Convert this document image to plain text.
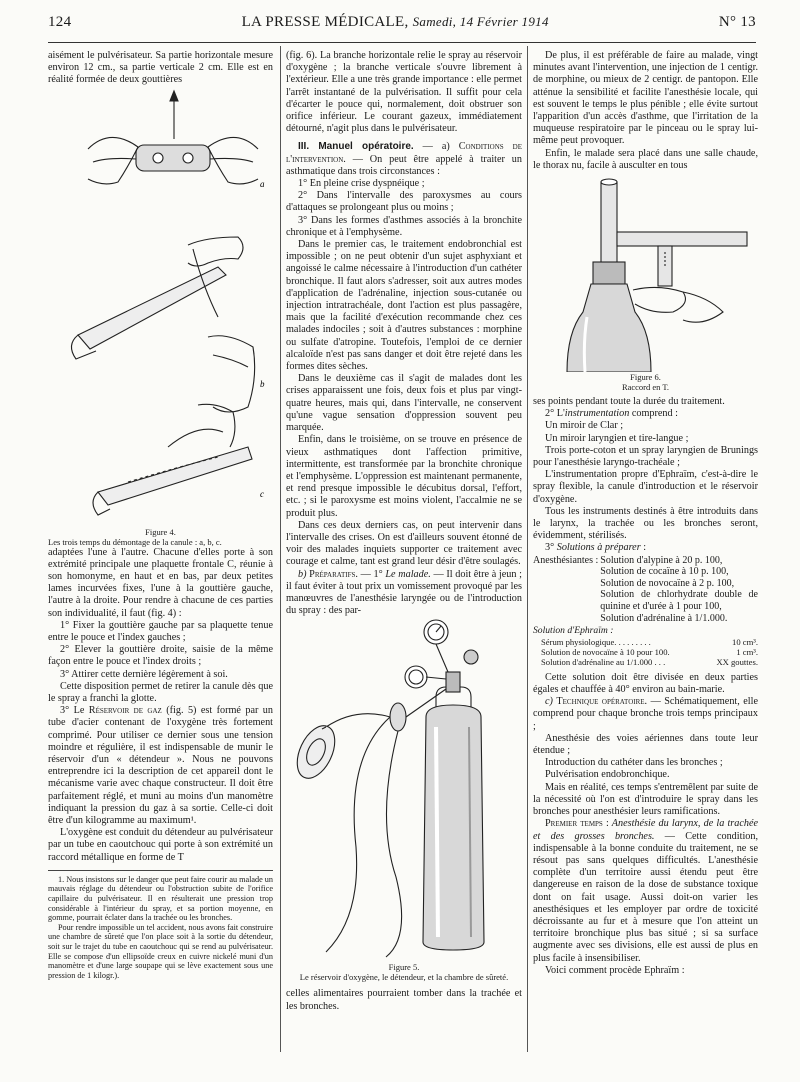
124	LA PRESSE MÉDICALE, Samedi, 14 Février 1914	N° 13

aisément le pulvérisateur. Sa partie horizontale mesure environ 12 cm., sa partie verticale 2 cm. Elle est en réalité formée de deux gouttières

a
b
c
Figure 4.
Les trois temps du démontage de la canule : a, b, c.

adaptées l'une à l'autre. Chacune d'elles porte à son extrémité principale une plaquette frontale C, réunie à son homonyme, en haut et en bas, par deux petites lames incurvées fixes, l'une à la gouttière gauche, l'autre à la droite. Pour rendre à chacune de ces parties son individualité, il faut (fig. 4) :

1° Fixer la gouttière gauche par sa plaquette tenue entre le pouce et l'index gauches ;

2° Elever la gouttière droite, saisie de la même façon entre le pouce et l'index droits ;

3° Attirer cette dernière légèrement à soi.

Cette disposition permet de retirer la canule dès que le spray a franchi la glotte.

3° Le Réservoir de gaz (fig. 5) est formé par un tube d'acier contenant de l'oxygène très fortement comprimé. Pour utiliser ce dernier sous une tension moindre et régulière, il est indispensable de munir le réservoir d'un « détendeur ». Nous ne pouvons entreprendre ici la description de cet appareil dont le mécanisme varie avec chaque constructeur. Il doit être parfaitement réglé, et muni au moins d'un manomètre indiquant la pression du gaz à sa sortie. Celle-ci doit être d'un kilogramme au maximum¹.

L'oxygène est conduit du détendeur au pulvérisateur par un tube en caoutchouc qui porte à son extrémité un raccord métallique en forme de T

1. Nous insistons sur le danger que peut faire courir au malade un mauvais réglage du détendeur ou l'obstruction subite de l'orifice capillaire du pulvérisateur. Il en résulterait une pression trop considérable à l'intérieur du spray, et sa portion moyenne, en gomme, pourrait éclater dans la trachée ou les bronches.

Pour rendre impossible un tel accident, nous avons fait construire une chambre de sûreté que l'on place soit à la sortie du détendeur, soit sur le trajet du tube en caoutchouc qui se rend au pulvérisateur. Elle se compose d'un ellipsoïde creux en cuivre nickelé muni d'un manomètre et d'une large soupape qui se lève exactement sous une pression de 1 kilogr.).

(fig. 6). La branche horizontale relie le spray au réservoir d'oxygène ; la branche verticale s'ouvre librement à l'extérieur. Elle a une très grande importance : elle permet l'arrêt instantané de la pulvérisation. Il suffit pour cela d'écarter le pouce qui, normalement, doit obstruer son orifice inférieur. Le courant gazeux, immédiatement détourné, n'agit plus dans le pulvérisateur.

III. Manuel opératoire. — a) Conditions de l'intervention. — On peut être appelé à traiter un asthmatique dans trois circonstances :

1° En pleine crise dyspnéique ;

2° Dans l'intervalle des paroxysmes au cours d'attaques se prolongeant plus ou moins ;

3° Dans les formes d'asthmes associés à la bronchite chronique et à l'emphysème.

Dans le premier cas, le traitement endobronchial est impossible ; on ne peut obtenir d'un sujet asphyxiant et angoissé le calme nécessaire à l'introduction d'un cathéter bronchique. Il faut alors s'adresser, soit aux autres modes d'application de l'adrénaline, injection sous-cutanée ou injection intratrachéale, dont l'action est plus passagère, mais que la facilité d'exécution recommande chez ces malades indociles ; soit à d'autres substances : morphine ou sulfate d'atropine. Toutefois, l'emploi de ce dernier alcaloïde n'est pas sans danger et doit être rejeté dans les formes dites sèches.

Dans le deuxième cas il s'agit de malades dont les crises apparaissent une fois, deux fois et plus par vingt-quatre heures, mais qui, dans l'intervalle, ne conservent qu'une vague sensation d'oppression souvent peu marquée.

Enfin, dans le troisième, on se trouve en présence de vieux asthmatiques dont l'affection primitive, intermittente, est transformée par la bronchite chronique et l'emphysème. L'oppression est maintenant permanente, et rend presque impossible le décubitus dorsal, l'effort, etc. ; si le paroxysme est moins violent, l'accalmie ne se produit plus.

Dans ces deux derniers cas, on peut intervenir dans l'intervalle des crises. On est d'ailleurs souvent étonné de voir des malades inquiets supporter ce traitement avec courage et calme, tant est grand leur désir d'être soulagés.

b) Préparatifs. — 1° Le malade. — Il doit être à jeun ; il faut éviter à tout prix un vomissement provoqué par les manœuvres de l'anesthésie laryngée ou de l'introduction du spray : des par-

Figure 5.
Le réservoir d'oxygène, le détendeur, et la chambre de sûreté.

celles alimentaires pourraient tomber dans la trachée et les bronches.

De plus, il est préférable de faire au malade, vingt minutes avant l'intervention, une injection de 1 centigr. de morphine, ou mieux de 2 centigr. de pantopon. Elle atténue la sensibilité et facilite l'anesthésie locale, qui est souvent le temps le plus pénible ; elle évite surtout l'apparition d'un accès d'asthme, que l'irritation de la muqueuse respiratoire par le pinceau ou le spray lui-même peut provoquer.

Enfin, le malade sera placé dans une salle chaude, le thorax nu, facile à ausculter en tous

Figure 6.
Raccord en T.

ses points pendant toute la durée du traitement.

2° L'instrumentation comprend :

Un miroir de Clar ;

Un miroir laryngien et tire-langue ;

Trois porte-coton et un spray laryngien de Brunings pour l'anesthésie laryngo-trachéale ;

L'instrumentation propre d'Ephraïm, c'est-à-dire le spray flexible, la canule d'introduction et le réservoir d'oxygène.

Tous les instruments destinés à être introduits dans le larynx, la trachée ou les bronches seront, évidemment, stérilisés.

3° Solutions à préparer :

Anesthésiantes :	Solution d'alypine à 20 p. 100,
Solution de cocaïne à 10 p. 100,
Solution de novocaïne à 2 p. 100,
Solution de chlorhydrate double de quinine et d'urée à 1 pour 100,
Solution d'adrénaline à 1/1.000.
Solution d'Ephraïm :
Sérum physiologique. . . . . . . . .	10 cm³.
Solution de novocaïne à 10 pour 100.	1 cm³.
Solution d'adrénaline au 1/1.000 . . .	XX gouttes.

Cette solution doit être divisée en deux parties égales et chauffée à 40° environ au bain-marie.

c) Technique opératoire. — Schématiquement, elle comprend pour chaque bronche trois temps principaux ;

Anesthésie des voies aériennes dans toute leur étendue ;

Introduction du cathéter dans les bronches ;

Pulvérisation endobronchique.

Mais en réalité, ces temps s'entremêlent par suite de la nécessité où l'on est d'introduire le spray dans les bronches pour anesthésier leurs ramifications.

Premier temps : Anesthésie du larynx, de la trachée et des grosses bronches. — Cette condition, indispensable à la bonne conduite du traitement, ne se résout pas sans quelques difficultés. L'anesthésie complète d'un territoire aussi étendu peut être dangereuse en raison de la dose de substance toxique dont on fait usage. Aussi doit-on varier les anesthésiques et les employer par ordre de toxicité décroissante au fur et à mesure que l'on atteint un territoire bronchique plus bas situé ; si sa surface augmente avec ses divisions, elle est aussi de plus en plus facile à insensibiliser.

Voici comment procède Ephraïm :
